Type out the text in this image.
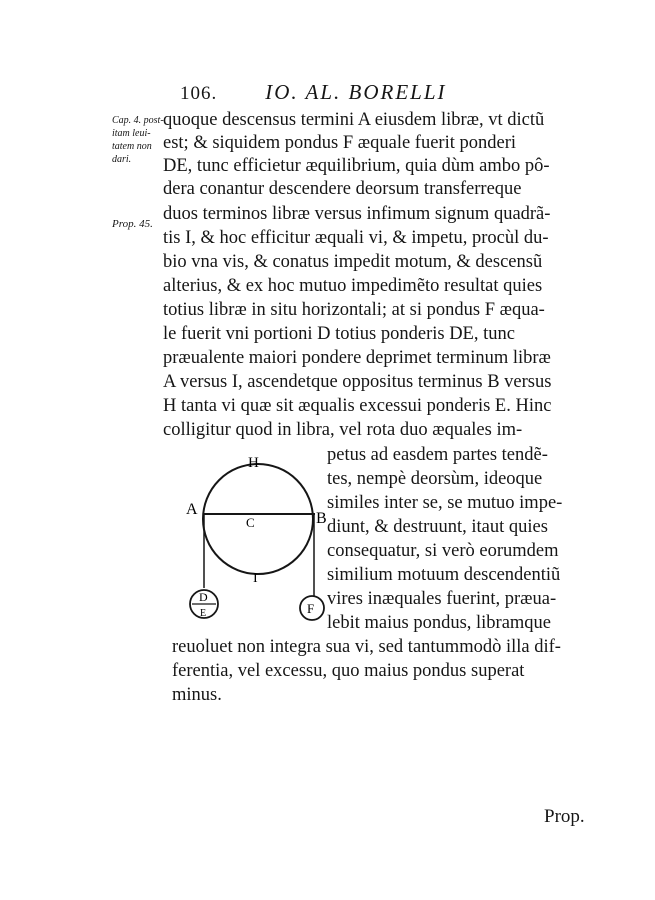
106. IO. AL. BORELLI
Cap. 4. post-
itam leui-
tatem non
dari.
Prop. 45.
quoque descensus termini A eiusdem libræ, vt dictũ
est; & siquidem pondus F æquale fuerit ponderi
DE, tunc efficietur æquilibrium, quia dùm ambo pô-
dera conantur descendere deorsum transferreque
duos terminos libræ versus infimum signum quadrã-
tis I, & hoc efficitur æquali vi, & impetu, procùl du-
bio vna vis, & conatus impedit motum, & descensũ
alterius, & ex hoc mutuo impedimẽto resultat quies
totius libræ in situ horizontali; at si pondus F æqua-
le fuerit vni portioni D totius ponderis DE, tunc
præualente maiori pondere deprimet terminum libræ
A versus I, ascendetque oppositus terminus B versus
H tanta vi quæ sit æqualis excessui ponderis E. Hinc
colligitur quod in libra, vel rota duo æquales im-
petus ad easdem partes tendẽ-
tes, nempè deorsùm, ideoque
similes inter se, se mutuo impe-
diunt, & destruunt, itaut quies
consequatur, si verò eorumdem
similium motuum descendentiũ
vires inæquales fuerint, præua-
lebit maius pondus, libramque
reuoluet non integra sua vi, sed tantummodò illa dif-
ferentia, vel excessu, quo maius pondus superat
minus.
H
A
C	B
I
D
E	F
Prop.
